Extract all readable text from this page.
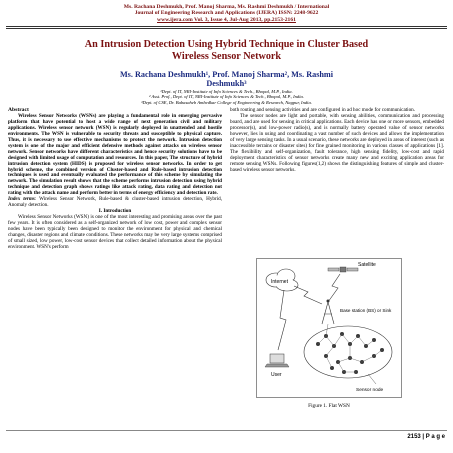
Ms. Rachana Deshmukh, Prof. Manoj Sharma, Ms. Rashmi Deshmukh / International
Journal of Engineering Research and Applications (IJERA) ISSN: 2248-9622
www.ijera.com Vol. 3, Issue 4, Jul-Aug 2013, pp.2153-2161
An Intrusion Detection Using Hybrid Technique in Cluster Based
Wireless Sensor Network
Ms. Rachana Deshmukh¹, Prof. Manoj Sharma², Ms. Rashmi
Deshmukh³
¹Dept. of IT, NRI-Institute of Info Sciences & Tech., Bhopal, M.P., India.
² Asst. Prof., Dept. of IT, NRI-Institute of Info Sciences & Tech., Bhopal, M.P., India.
³Dept. of CSE, Dr. Babasaheb Ambedkar College of Engineering & Research, Nagpur, India.

Abstract

Wireless Sensor Networks (WSNs) are playing a fundamental role in emerging pervasive platform that have potential to host a wide range of next generation civil and military applications. Wireless sensor network (WSN) is regularly deployed in unattended and hostile environments. The WSN is vulnerable to security threats and susceptible to physical capture. Thus, it is necessary to use effective mechanisms to protect the network. Intrusion detection system is one of the major and efficient defensive methods against attacks on wireless sensor network. Sensor networks have different characteristics and hence security solutions have to be designed with limited usage of computation and resources. In this paper, The structure of hybrid intrusion detection system (HIDS) is proposed for wireless sensor networks. In order to get hybrid scheme, the combined version of Cluster-based and Rule-based intrusion detection techniques is used and eventually evaluated the performance of this scheme by simulating the network. The simulation result shows that the scheme performs intrusion detection using hybrid technique and detection graph shows ratings like attack rating, data rating and detection not rating with the attack name and perform better in terms of energy efficiency and detection rate.

Index terms: Wireless Sensor Network, Rule-based & cluster-based intrusion detection, Hybrid, Anomaly detection.

I. Introduction

Wireless Sensor Networks (WSN) is one of the most interesting and promising areas over the past few years. It is often considered as a self-organized network of low cost, power and complex sensor nodes have been typically been designed to monitor the environment for physical and chemical changes, disaster regions and climate conditions. These networks may be very large systems comprised of small sized, low power, low-cost sensor devices that collect detailed information about the physical environment. WSN's perform

both routing and sensing activities and are configured in ad hoc mode for communication.

The sensor nodes are light and portable, with sensing abilities, communication and processing board, and are used for sensing in critical applications. Each device has one or more sensors, embedded processor(s), and low-power radio(s), and is normally battery operated value of sensor networks however, lies in using and coordinating a vast number of such devices and allows the implementation of very large sensing tasks. In a usual scenario, these networks are deployed in areas of interest (such as inaccessible terrains or disaster sites) for fine grained monitoring in various classes of applications [1]. The flexibility and self-organization, fault tolerance, high sensing fidelity, low-cost and rapid deployment characteristics of sensor networks create many new and exciting application areas for remote sensing WSNs. Following figures(1,2) shows the distinguishing features of simple and cluster-based wireless sensor networks.

Internet
Satellite
Base station (BS) or Sink
User
Sensor node
Figure 1. Flat WSN
2153 | P a g e
